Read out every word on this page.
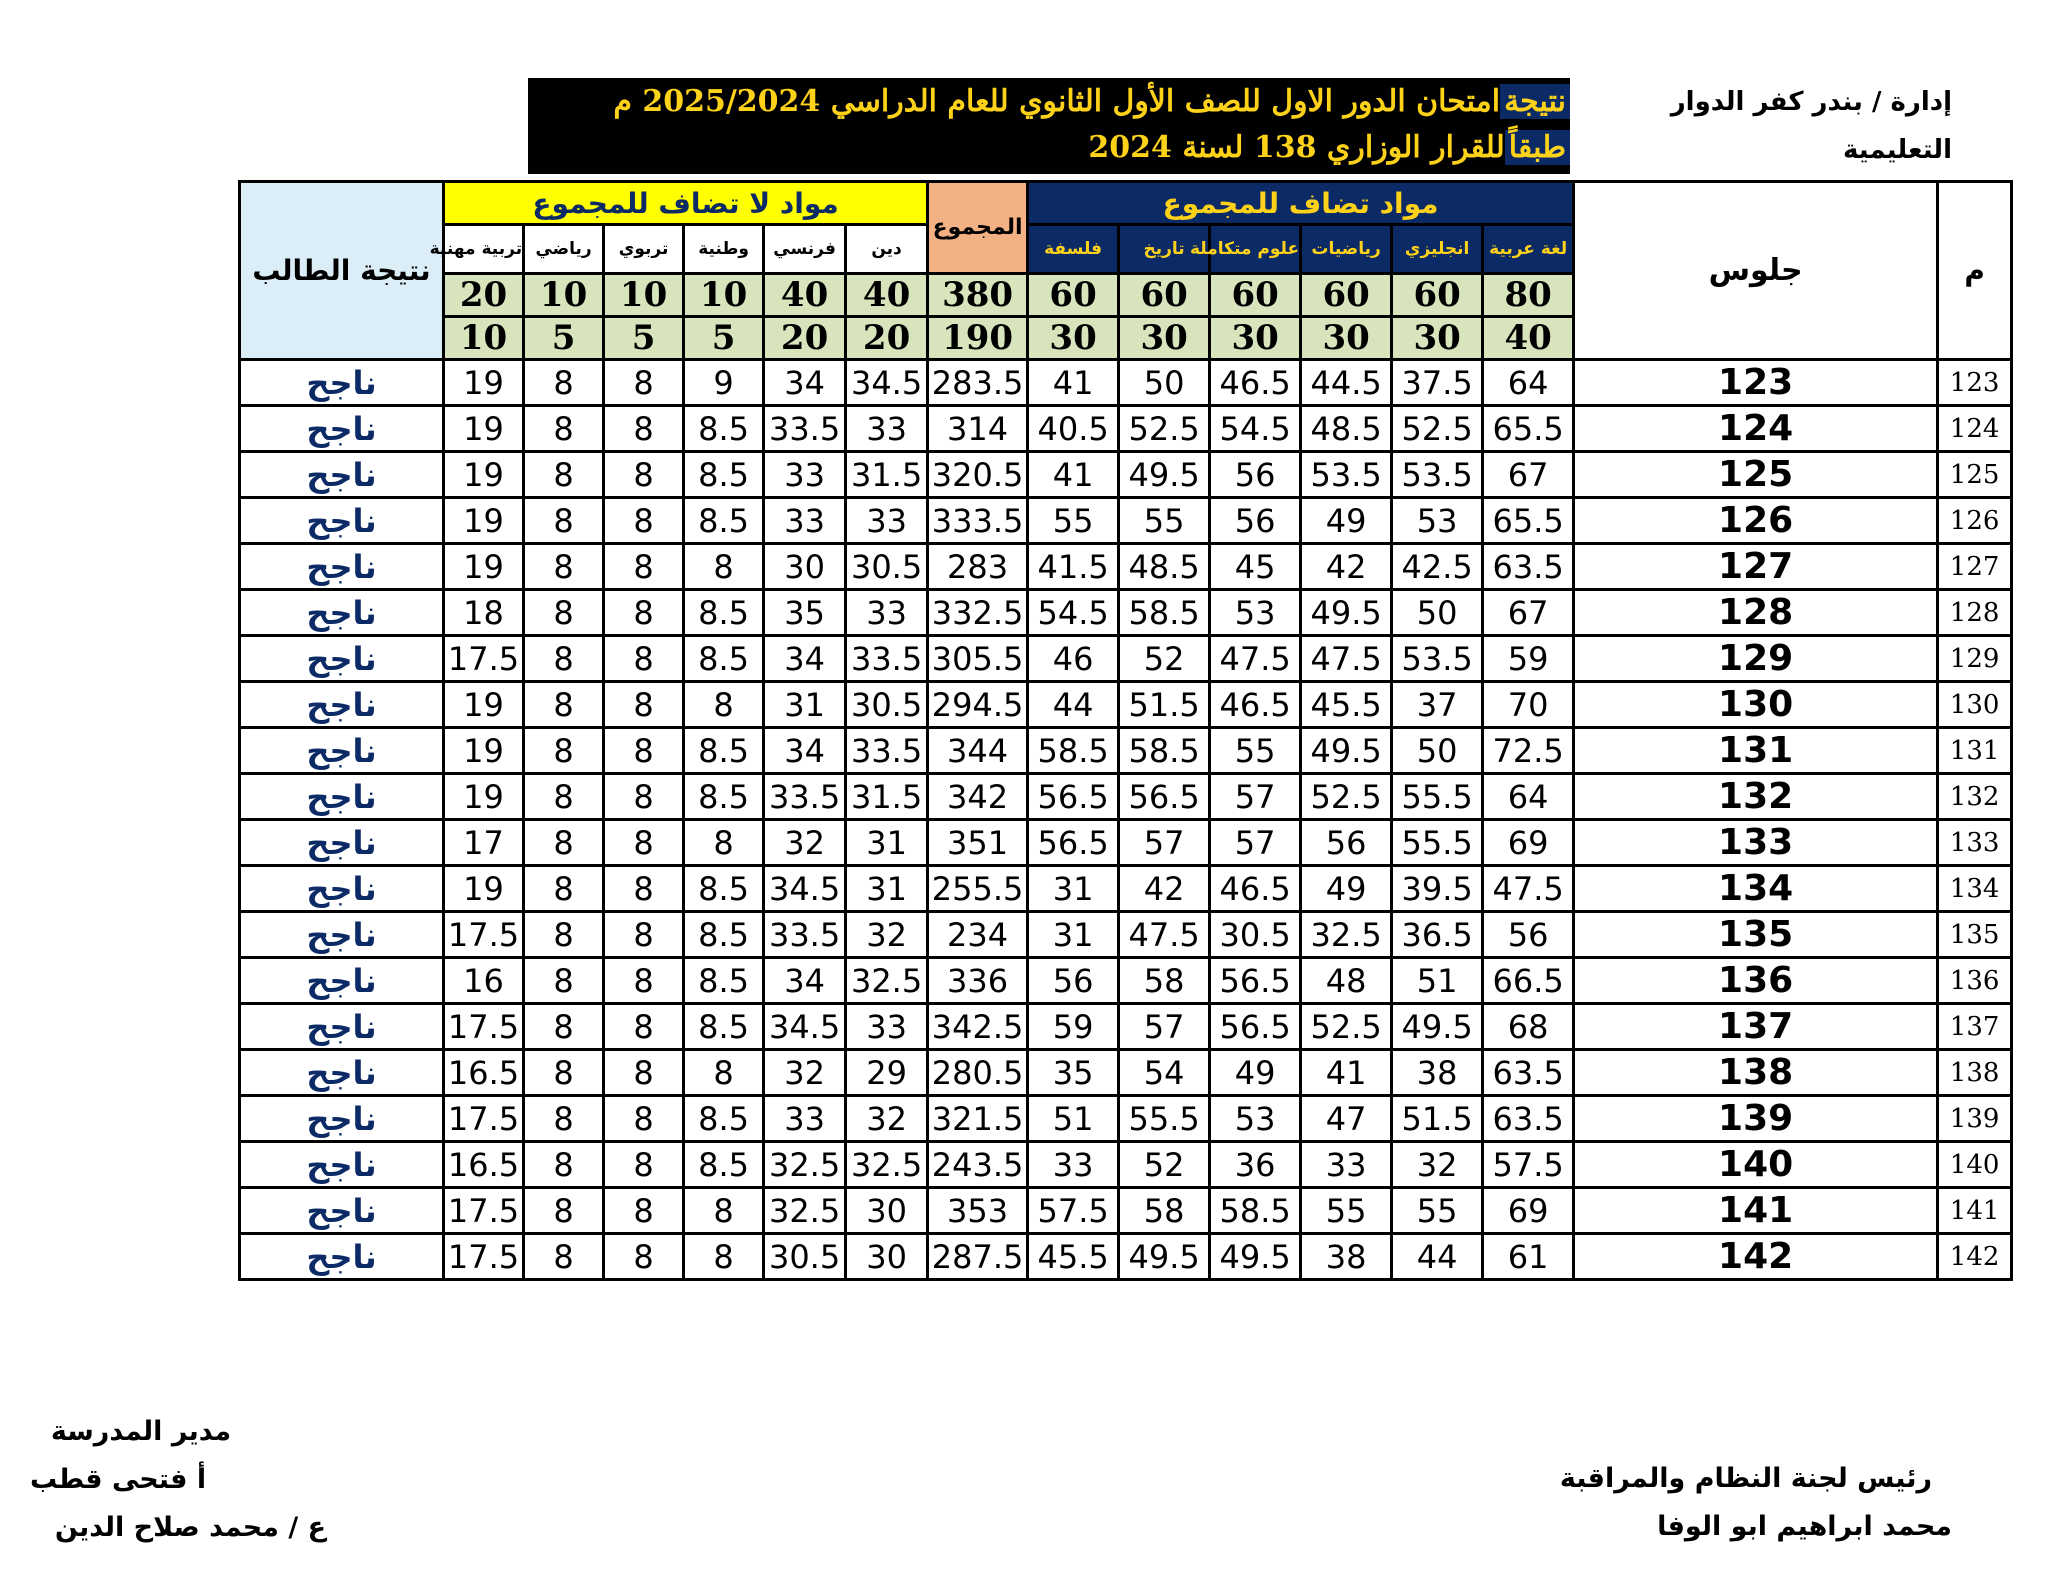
إدارة / بندر كفر الدوار التعليمية
نتيجةامتحان الدور الاول للصف الأول الثانوي للعام الدراسي 2025/2024 م
طبقاًللقرار الوزاري 138 لسنة 2024
م	جلوس	مواد تضاف للمجموع						المجموع	مواد لا تضاف للمجموع						نتيجة الطالب
		لغة عربية	انجليزي	رياضيات	علوم متكاملة	تاريخ	فلسفة		دين	فرنسي	وطنية	تربوي	رياضي	تربية مهنية	
		80	60	60	60	60	60	380	40	40	10	10	10	20	
		40	30	30	30	30	30	190	20	20	5	5	5	10	
123	123	64	37.5	44.5	46.5	50	41	283.5	34.5	34	9	8	8	19	ناجح
124	124	65.5	52.5	48.5	54.5	52.5	40.5	314	33	33.5	8.5	8	8	19	ناجح
125	125	67	53.5	53.5	56	49.5	41	320.5	31.5	33	8.5	8	8	19	ناجح
126	126	65.5	53	49	56	55	55	333.5	33	33	8.5	8	8	19	ناجح
127	127	63.5	42.5	42	45	48.5	41.5	283	30.5	30	8	8	8	19	ناجح
128	128	67	50	49.5	53	58.5	54.5	332.5	33	35	8.5	8	8	18	ناجح
129	129	59	53.5	47.5	47.5	52	46	305.5	33.5	34	8.5	8	8	17.5	ناجح
130	130	70	37	45.5	46.5	51.5	44	294.5	30.5	31	8	8	8	19	ناجح
131	131	72.5	50	49.5	55	58.5	58.5	344	33.5	34	8.5	8	8	19	ناجح
132	132	64	55.5	52.5	57	56.5	56.5	342	31.5	33.5	8.5	8	8	19	ناجح
133	133	69	55.5	56	57	57	56.5	351	31	32	8	8	8	17	ناجح
134	134	47.5	39.5	49	46.5	42	31	255.5	31	34.5	8.5	8	8	19	ناجح
135	135	56	36.5	32.5	30.5	47.5	31	234	32	33.5	8.5	8	8	17.5	ناجح
136	136	66.5	51	48	56.5	58	56	336	32.5	34	8.5	8	8	16	ناجح
137	137	68	49.5	52.5	56.5	57	59	342.5	33	34.5	8.5	8	8	17.5	ناجح
138	138	63.5	38	41	49	54	35	280.5	29	32	8	8	8	16.5	ناجح
139	139	63.5	51.5	47	53	55.5	51	321.5	32	33	8.5	8	8	17.5	ناجح
140	140	57.5	32	33	36	52	33	243.5	32.5	32.5	8.5	8	8	16.5	ناجح
141	141	69	55	55	58.5	58	57.5	353	30	32.5	8	8	8	17.5	ناجح
142	142	61	44	38	49.5	49.5	45.5	287.5	30	30.5	8	8	8	17.5	ناجح
مدير المدرسة
أ فتحى قطب
ع / محمد صلاح الدين
رئيس لجنة النظام والمراقبة
محمد ابراهيم ابو الوفا
